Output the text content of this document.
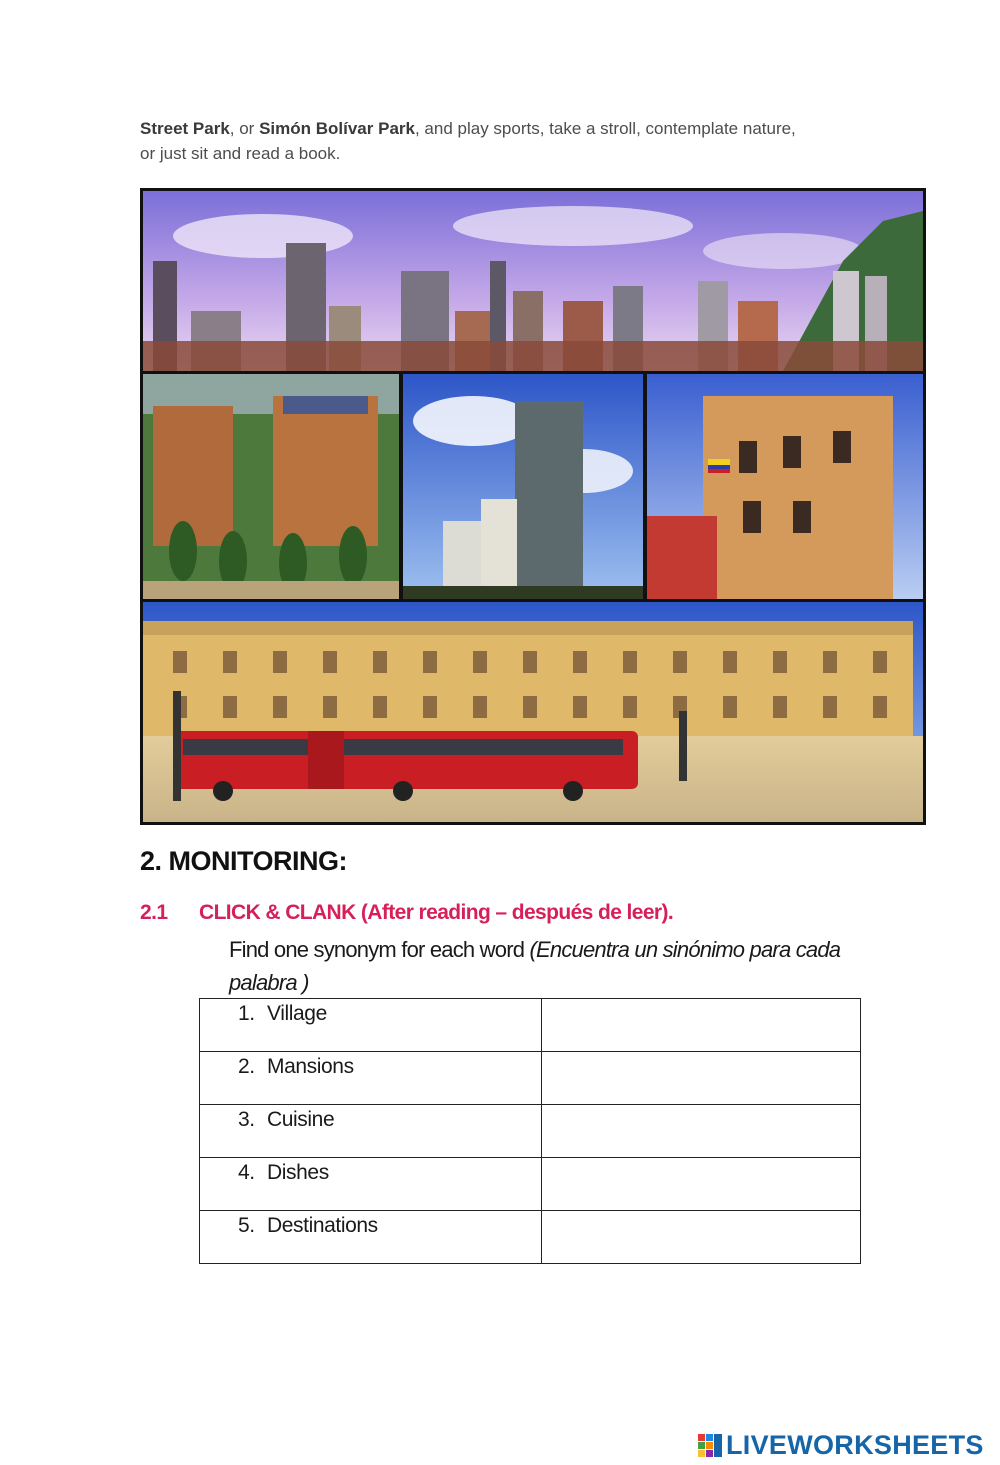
Street Park, or Simón Bolívar Park, and play sports, take a stroll, contemplate nature,
or just sit and read a book.
2. MONITORING:
2.1 CLICK & CLANK (After reading – después de leer).
Find one synonym for each word (Encuentra un sinónimo para cada palabra )
1. Village

2. Mansions

3. Cuisine

4. Dishes

5. Destinations

LIVEWORKSHEETS
